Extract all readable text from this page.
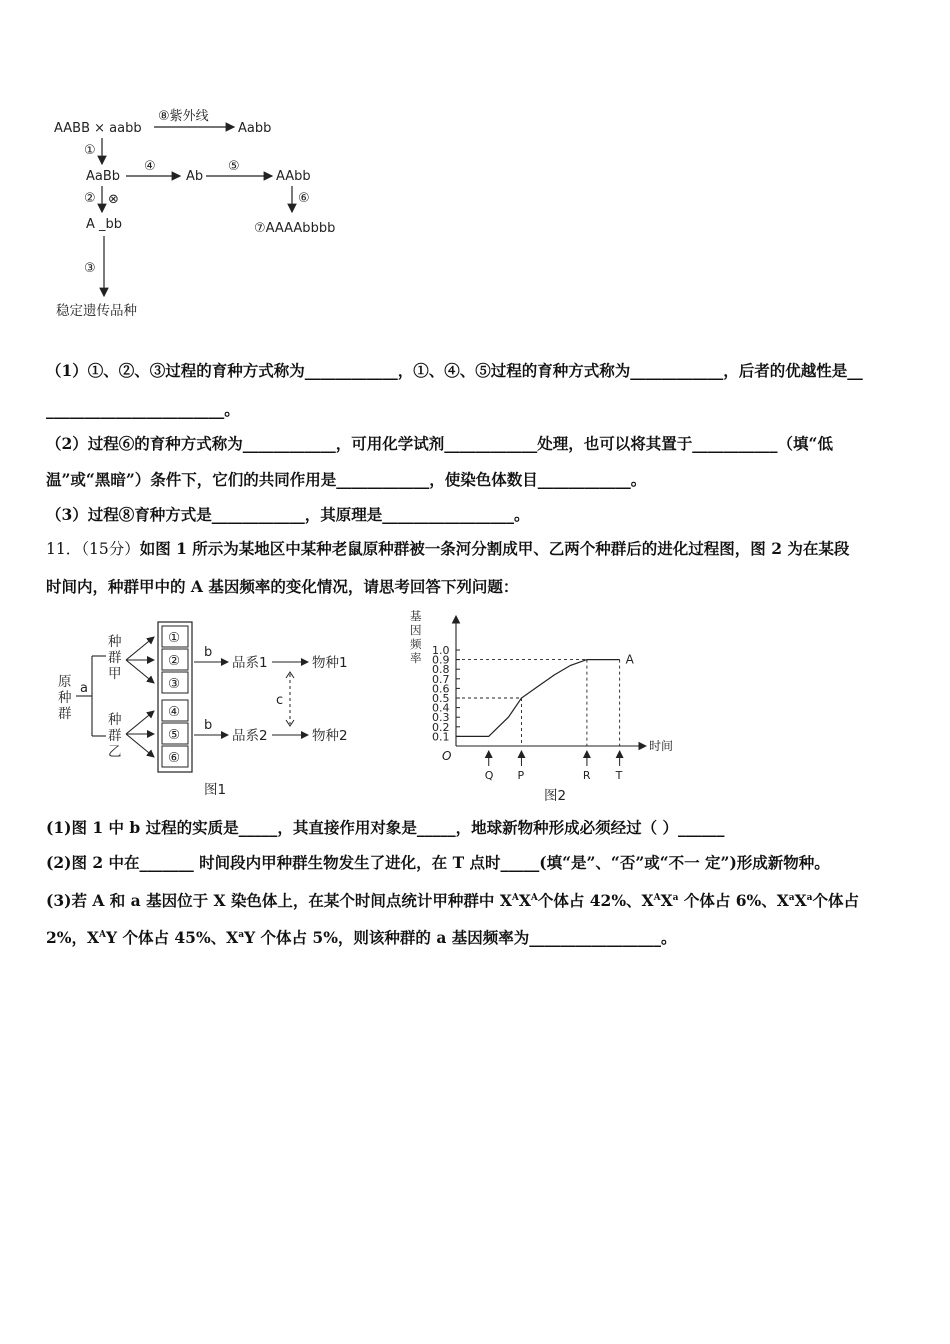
AABB × aabb
⑧紫外线
Aabb
①
AaBb
④
Ab
⑤
AAbb
② ⊗	⑥
A _bb	⑦AAAAbbbb
③
稳定遗传品种
（1）①、②、③过程的育种方式称为____________，①、④、⑤过程的育种方式称为____________，后者的优越性是__
_______________________。
（2）过程⑥的育种方式称为____________，可用化学试剂____________处理，也可以将其置于___________（填“低
温”或“黑暗”）条件下，它们的共同作用是____________，使染色体数目____________。
（3）过程⑧育种方式是____________，其原理是_________________。
11．（15分）如图 1 所示为某地区中某种老鼠原种群被一条河分割成甲、乙两个种群后的进化过程图，图 2 为在某段
时间内，种群甲中的 A 基因频率的变化情况，请思考回答下列问题：
原
种
群
a
种
群
甲
种
群
乙
①
②
③
④
⑤
⑥
b
品系1	物种1
b
品系2	物种2
c
图1
基
因
频
率
时间
O
0.1
0.2
0.3
0.4
0.5
0.6
0.7
0.8
0.9
1.0
Q P	R T
A
图2
(1)图 1 中 b 过程的实质是_____，其直接作用对象是_____，地球新物种形成必须经过（ ）______
(2)图 2 中在_______ 时间段内甲种群生物发生了进化，在 T 点时_____(填“是”、“否”或“不一 定”)形成新物种。
(3)若 A 和 a 基因位于 X 染色体上，在某个时间点统计甲种群中 $X^AX^A$个体占 42%、$X^AX^a$ 个体占 6%、$X^aX^a$个体占
2%，$X^AY$ 个体占 45%、$X^aY$ 个体占 5%，则该种群的 a 基因频率为_________________。
